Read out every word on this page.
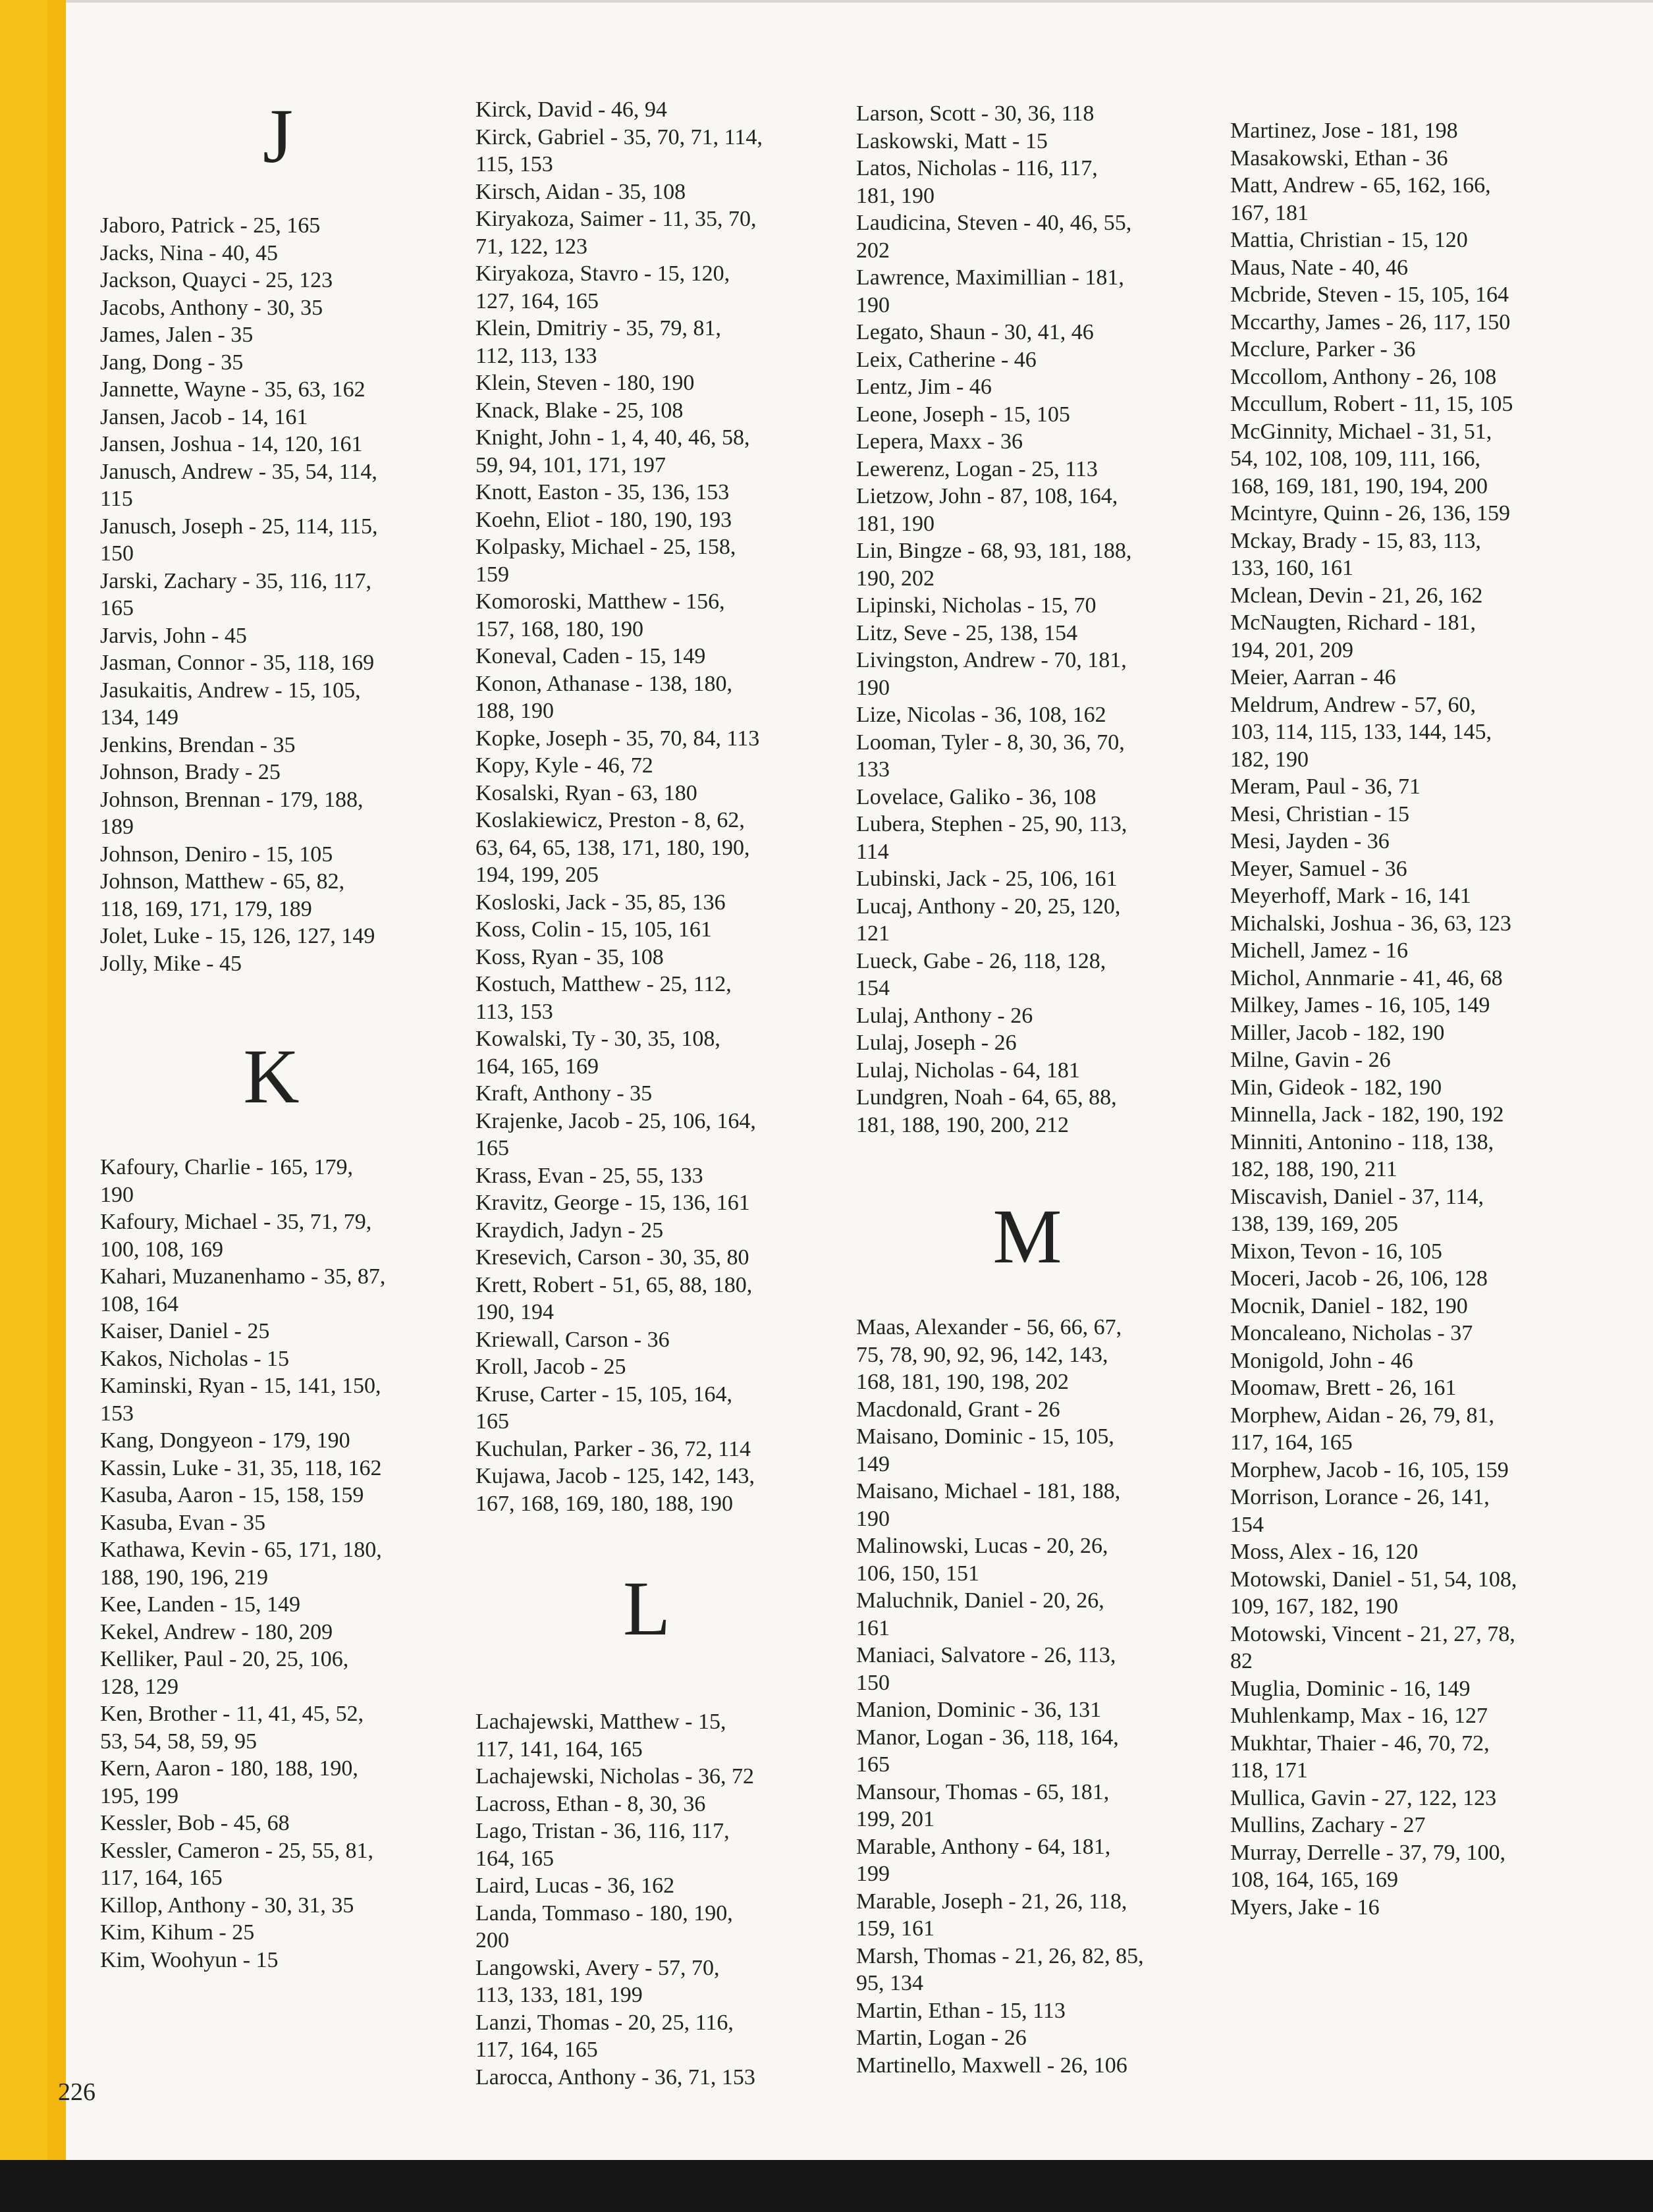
J
Jaboro, Patrick - 25, 165
Jacks, Nina - 40, 45
Jackson, Quayci - 25, 123
Jacobs, Anthony - 30, 35
James, Jalen - 35
Jang, Dong - 35
Jannette, Wayne - 35, 63, 162
Jansen, Jacob - 14, 161
Jansen, Joshua - 14, 120, 161
Janusch, Andrew - 35, 54, 114,
115
Janusch, Joseph - 25, 114, 115,
150
Jarski, Zachary - 35, 116, 117,
165
Jarvis, John - 45
Jasman, Connor - 35, 118, 169
Jasukaitis, Andrew - 15, 105,
134, 149
Jenkins, Brendan - 35
Johnson, Brady - 25
Johnson, Brennan - 179, 188,
189
Johnson, Deniro - 15, 105
Johnson, Matthew - 65, 82,
118, 169, 171, 179, 189
Jolet, Luke - 15, 126, 127, 149
Jolly, Mike - 45
K
Kafoury, Charlie - 165, 179,
190
Kafoury, Michael - 35, 71, 79,
100, 108, 169
Kahari, Muzanenhamo - 35, 87,
108, 164
Kaiser, Daniel - 25
Kakos, Nicholas - 15
Kaminski, Ryan - 15, 141, 150,
153
Kang, Dongyeon - 179, 190
Kassin, Luke - 31, 35, 118, 162
Kasuba, Aaron - 15, 158, 159
Kasuba, Evan - 35
Kathawa, Kevin - 65, 171, 180,
188, 190, 196, 219
Kee, Landen - 15, 149
Kekel, Andrew - 180, 209
Kelliker, Paul - 20, 25, 106,
128, 129
Ken, Brother - 11, 41, 45, 52,
53, 54, 58, 59, 95
Kern, Aaron - 180, 188, 190,
195, 199
Kessler, Bob - 45, 68
Kessler, Cameron - 25, 55, 81,
117, 164, 165
Killop, Anthony - 30, 31, 35
Kim, Kihum - 25
Kim, Woohyun - 15
Kirck, David - 46, 94
Kirck, Gabriel - 35, 70, 71, 114,
115, 153
Kirsch, Aidan - 35, 108
Kiryakoza, Saimer - 11, 35, 70,
71, 122, 123
Kiryakoza, Stavro - 15, 120,
127, 164, 165
Klein, Dmitriy - 35, 79, 81,
112, 113, 133
Klein, Steven - 180, 190
Knack, Blake - 25, 108
Knight, John - 1, 4, 40, 46, 58,
59, 94, 101, 171, 197
Knott, Easton - 35, 136, 153
Koehn, Eliot - 180, 190, 193
Kolpasky, Michael - 25, 158,
159
Komoroski, Matthew - 156,
157, 168, 180, 190
Koneval, Caden - 15, 149
Konon, Athanase - 138, 180,
188, 190
Kopke, Joseph - 35, 70, 84, 113
Kopy, Kyle - 46, 72
Kosalski, Ryan - 63, 180
Koslakiewicz, Preston - 8, 62,
63, 64, 65, 138, 171, 180, 190,
194, 199, 205
Kosloski, Jack - 35, 85, 136
Koss, Colin - 15, 105, 161
Koss, Ryan - 35, 108
Kostuch, Matthew - 25, 112,
113, 153
Kowalski, Ty - 30, 35, 108,
164, 165, 169
Kraft, Anthony - 35
Krajenke, Jacob - 25, 106, 164,
165
Krass, Evan - 25, 55, 133
Kravitz, George - 15, 136, 161
Kraydich, Jadyn - 25
Kresevich, Carson - 30, 35, 80
Krett, Robert - 51, 65, 88, 180,
190, 194
Kriewall, Carson - 36
Kroll, Jacob - 25
Kruse, Carter - 15, 105, 164,
165
Kuchulan, Parker - 36, 72, 114
Kujawa, Jacob - 125, 142, 143,
167, 168, 169, 180, 188, 190
L
Lachajewski, Matthew - 15,
117, 141, 164, 165
Lachajewski, Nicholas - 36, 72
Lacross, Ethan - 8, 30, 36
Lago, Tristan - 36, 116, 117,
164, 165
Laird, Lucas - 36, 162
Landa, Tommaso - 180, 190,
200
Langowski, Avery - 57, 70,
113, 133, 181, 199
Lanzi, Thomas - 20, 25, 116,
117, 164, 165
Larocca, Anthony - 36, 71, 153
Larson, Scott - 30, 36, 118
Laskowski, Matt - 15
Latos, Nicholas - 116, 117,
181, 190
Laudicina, Steven - 40, 46, 55,
202
Lawrence, Maximillian - 181,
190
Legato, Shaun - 30, 41, 46
Leix, Catherine - 46
Lentz, Jim - 46
Leone, Joseph - 15, 105
Lepera, Maxx - 36
Lewerenz, Logan - 25, 113
Lietzow, John - 87, 108, 164,
181, 190
Lin, Bingze - 68, 93, 181, 188,
190, 202
Lipinski, Nicholas - 15, 70
Litz, Seve - 25, 138, 154
Livingston, Andrew - 70, 181,
190
Lize, Nicolas - 36, 108, 162
Looman, Tyler - 8, 30, 36, 70,
133
Lovelace, Galiko - 36, 108
Lubera, Stephen - 25, 90, 113,
114
Lubinski, Jack - 25, 106, 161
Lucaj, Anthony - 20, 25, 120,
121
Lueck, Gabe - 26, 118, 128,
154
Lulaj, Anthony - 26
Lulaj, Joseph - 26
Lulaj, Nicholas - 64, 181
Lundgren, Noah - 64, 65, 88,
181, 188, 190, 200, 212
M
Maas, Alexander - 56, 66, 67,
75, 78, 90, 92, 96, 142, 143,
168, 181, 190, 198, 202
Macdonald, Grant - 26
Maisano, Dominic - 15, 105,
149
Maisano, Michael - 181, 188,
190
Malinowski, Lucas - 20, 26,
106, 150, 151
Maluchnik, Daniel - 20, 26,
161
Maniaci, Salvatore - 26, 113,
150
Manion, Dominic - 36, 131
Manor, Logan - 36, 118, 164,
165
Mansour, Thomas - 65, 181,
199, 201
Marable, Anthony - 64, 181,
199
Marable, Joseph - 21, 26, 118,
159, 161
Marsh, Thomas - 21, 26, 82, 85,
95, 134
Martin, Ethan - 15, 113
Martin, Logan - 26
Martinello, Maxwell - 26, 106
Martinez, Jose - 181, 198
Masakowski, Ethan - 36
Matt, Andrew - 65, 162, 166,
167, 181
Mattia, Christian - 15, 120
Maus, Nate - 40, 46
Mcbride, Steven - 15, 105, 164
Mccarthy, James - 26, 117, 150
Mcclure, Parker - 36
Mccollom, Anthony - 26, 108
Mccullum, Robert - 11, 15, 105
McGinnity, Michael - 31, 51,
54, 102, 108, 109, 111, 166,
168, 169, 181, 190, 194, 200
Mcintyre, Quinn - 26, 136, 159
Mckay, Brady - 15, 83, 113,
133, 160, 161
Mclean, Devin - 21, 26, 162
McNaugten, Richard - 181,
194, 201, 209
Meier, Aarran - 46
Meldrum, Andrew - 57, 60,
103, 114, 115, 133, 144, 145,
182, 190
Meram, Paul - 36, 71
Mesi, Christian - 15
Mesi, Jayden - 36
Meyer, Samuel - 36
Meyerhoff, Mark - 16, 141
Michalski, Joshua - 36, 63, 123
Michell, Jamez - 16
Michol, Annmarie - 41, 46, 68
Milkey, James - 16, 105, 149
Miller, Jacob - 182, 190
Milne, Gavin - 26
Min, Gideok - 182, 190
Minnella, Jack - 182, 190, 192
Minniti, Antonino - 118, 138,
182, 188, 190, 211
Miscavish, Daniel - 37, 114,
138, 139, 169, 205
Mixon, Tevon - 16, 105
Moceri, Jacob - 26, 106, 128
Mocnik, Daniel - 182, 190
Moncaleano, Nicholas - 37
Monigold, John - 46
Moomaw, Brett - 26, 161
Morphew, Aidan - 26, 79, 81,
117, 164, 165
Morphew, Jacob - 16, 105, 159
Morrison, Lorance - 26, 141,
154
Moss, Alex - 16, 120
Motowski, Daniel - 51, 54, 108,
109, 167, 182, 190
Motowski, Vincent - 21, 27, 78,
82
Muglia, Dominic - 16, 149
Muhlenkamp, Max - 16, 127
Mukhtar, Thaier - 46, 70, 72,
118, 171
Mullica, Gavin - 27, 122, 123
Mullins, Zachary - 27
Murray, Derrelle - 37, 79, 100,
108, 164, 165, 169
Myers, Jake - 16
226
